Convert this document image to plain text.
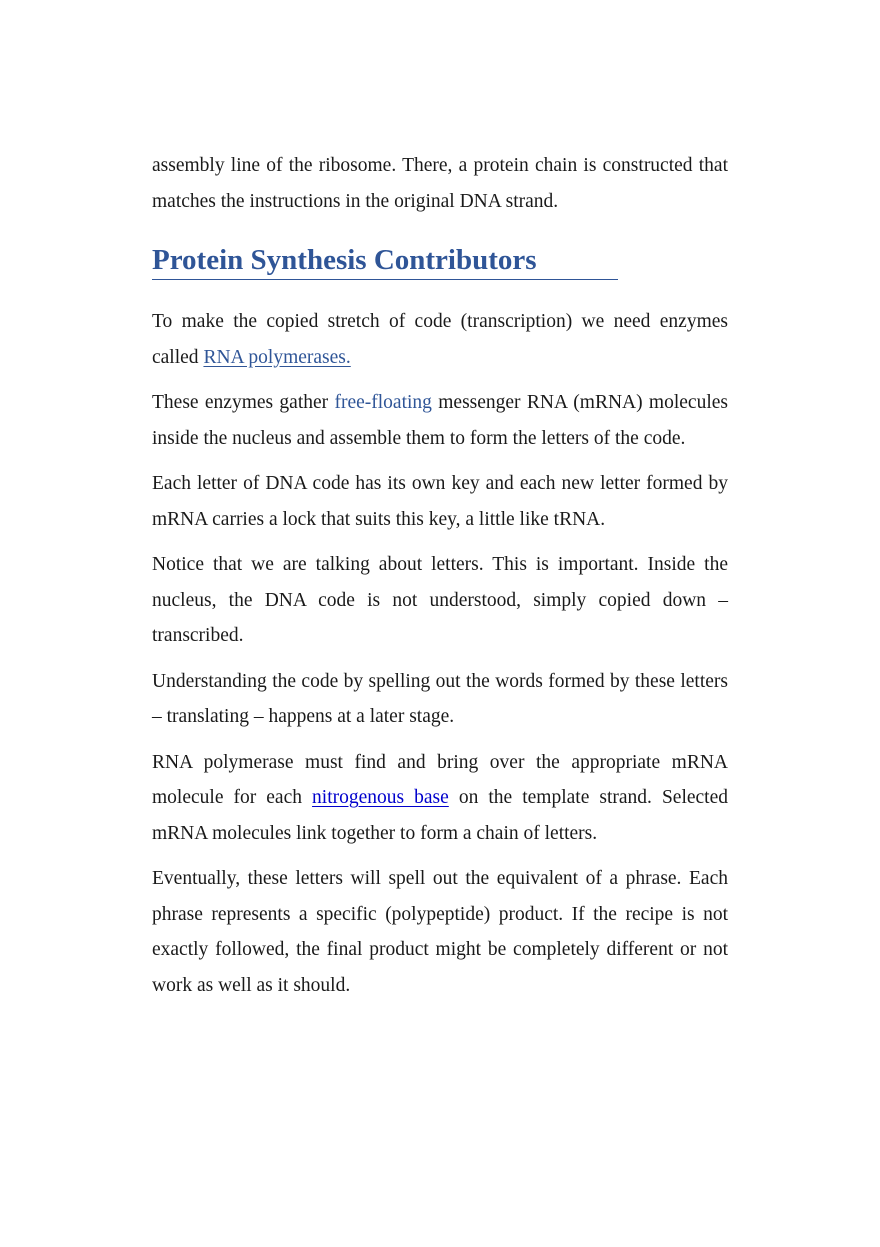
assembly line of the ribosome. There, a protein chain is constructed that matches the instructions in the original DNA strand.

Protein Synthesis Contributors

To make the copied stretch of code (transcription) we need enzymes called RNA polymerases.

These enzymes gather free-floating messenger RNA (mRNA) molecules inside the nucleus and assemble them to form the letters of the code.

Each letter of DNA code has its own key and each new letter formed by mRNA carries a lock that suits this key, a little like tRNA.

Notice that we are talking about letters. This is important. Inside the nucleus, the DNA code is not understood, simply copied down – transcribed.

Understanding the code by spelling out the words formed by these letters – translating – happens at a later stage.

RNA polymerase must find and bring over the appropriate mRNA molecule for each nitrogenous base on the template strand. Selected mRNA molecules link together to form a chain of letters.

Eventually, these letters will spell out the equivalent of a phrase. Each phrase represents a specific (polypeptide) product. If the recipe is not exactly followed, the final product might be completely different or not work as well as it should.
